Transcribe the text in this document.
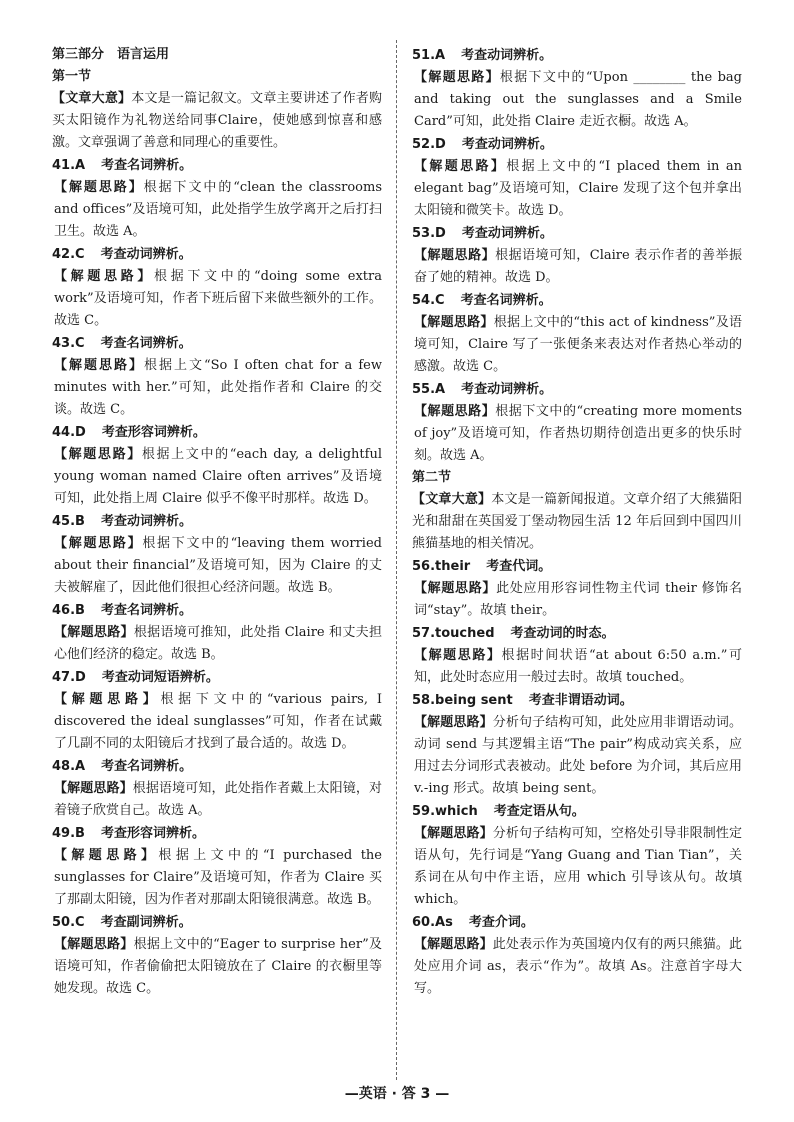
第三部分　语言运用
第一节
【文章大意】本文是一篇记叙文。文章主要讲述了作者购买太阳镜作为礼物送给同事Claire，使她感到惊喜和感激。文章强调了善意和同理心的重要性。
41.A 考查名词辨析。
【解题思路】根据下文中的“clean the classrooms and offices”及语境可知，此处指学生放学离开之后打扫卫生。故选 A。
42.C 考查动词辨析。
【解题思路】根据下文中的“doing some extra work”及语境可知，作者下班后留下来做些额外的工作。故选 C。
43.C 考查名词辨析。
【解题思路】根据上文“So I often chat for a few minutes with her.”可知，此处指作者和 Claire 的交谈。故选 C。
44.D 考查形容词辨析。
【解题思路】根据上文中的“each day, a delightful young woman named Claire often arrives”及语境可知，此处指上周 Claire 似乎不像平时那样。故选 D。
45.B 考查动词辨析。
【解题思路】根据下文中的“leaving them worried about their financial”及语境可知，因为 Claire 的丈夫被解雇了，因此他们很担心经济问题。故选 B。
46.B 考查名词辨析。
【解题思路】根据语境可推知，此处指 Claire 和丈夫担心他们经济的稳定。故选 B。
47.D 考查动词短语辨析。
【解题思路】根据下文中的“various pairs, I discovered the ideal sunglasses”可知，作者在试戴了几副不同的太阳镜后才找到了最合适的。故选 D。
48.A 考查名词辨析。
【解题思路】根据语境可知，此处指作者戴上太阳镜，对着镜子欣赏自己。故选 A。
49.B 考查形容词辨析。
【解题思路】根据上文中的“I purchased the sunglasses for Claire”及语境可知，作者为 Claire 买了那副太阳镜，因为作者对那副太阳镜很满意。故选 B。
50.C 考查副词辨析。
【解题思路】根据上文中的“Eager to surprise her”及语境可知，作者偷偷把太阳镜放在了 Claire 的衣橱里等她发现。故选 C。
51.A 考查动词辨析。
【解题思路】根据下文中的“Upon ________ the bag and taking out the sunglasses and a Smile Card”可知，此处指 Claire 走近衣橱。故选 A。
52.D 考查动词辨析。
【解题思路】根据上文中的“I placed them in an elegant bag”及语境可知，Claire 发现了这个包并拿出太阳镜和微笑卡。故选 D。
53.D 考查动词辨析。
【解题思路】根据语境可知，Claire 表示作者的善举振奋了她的精神。故选 D。
54.C 考查名词辨析。
【解题思路】根据上文中的“this act of kindness”及语境可知，Claire 写了一张便条来表达对作者热心举动的感激。故选 C。
55.A 考查动词辨析。
【解题思路】根据下文中的“creating more moments of joy”及语境可知，作者热切期待创造出更多的快乐时刻。故选 A。
第二节
【文章大意】本文是一篇新闻报道。文章介绍了大熊猫阳光和甜甜在英国爱丁堡动物园生活 12 年后回到中国四川熊猫基地的相关情况。
56.their 考查代词。
【解题思路】此处应用形容词性物主代词 their 修饰名词“stay”。故填 their。
57.touched 考查动词的时态。
【解题思路】根据时间状语“at about 6:50 a.m.”可知，此处时态应用一般过去时。故填 touched。
58.being sent 考查非谓语动词。
【解题思路】分析句子结构可知，此处应用非谓语动词。动词 send 与其逻辑主语“The pair”构成动宾关系，应用过去分词形式表被动。此处 before 为介词，其后应用 v.-ing 形式。故填 being sent。
59.which 考查定语从句。
【解题思路】分析句子结构可知，空格处引导非限制性定语从句，先行词是“Yang Guang and Tian Tian”，关系词在从句中作主语，应用 which 引导该从句。故填 which。
60.As 考查介词。
【解题思路】此处表示作为英国境内仅有的两只熊猫。此处应用介词 as，表示“作为”。故填 As。注意首字母大写。
—英语 · 答 3 —
